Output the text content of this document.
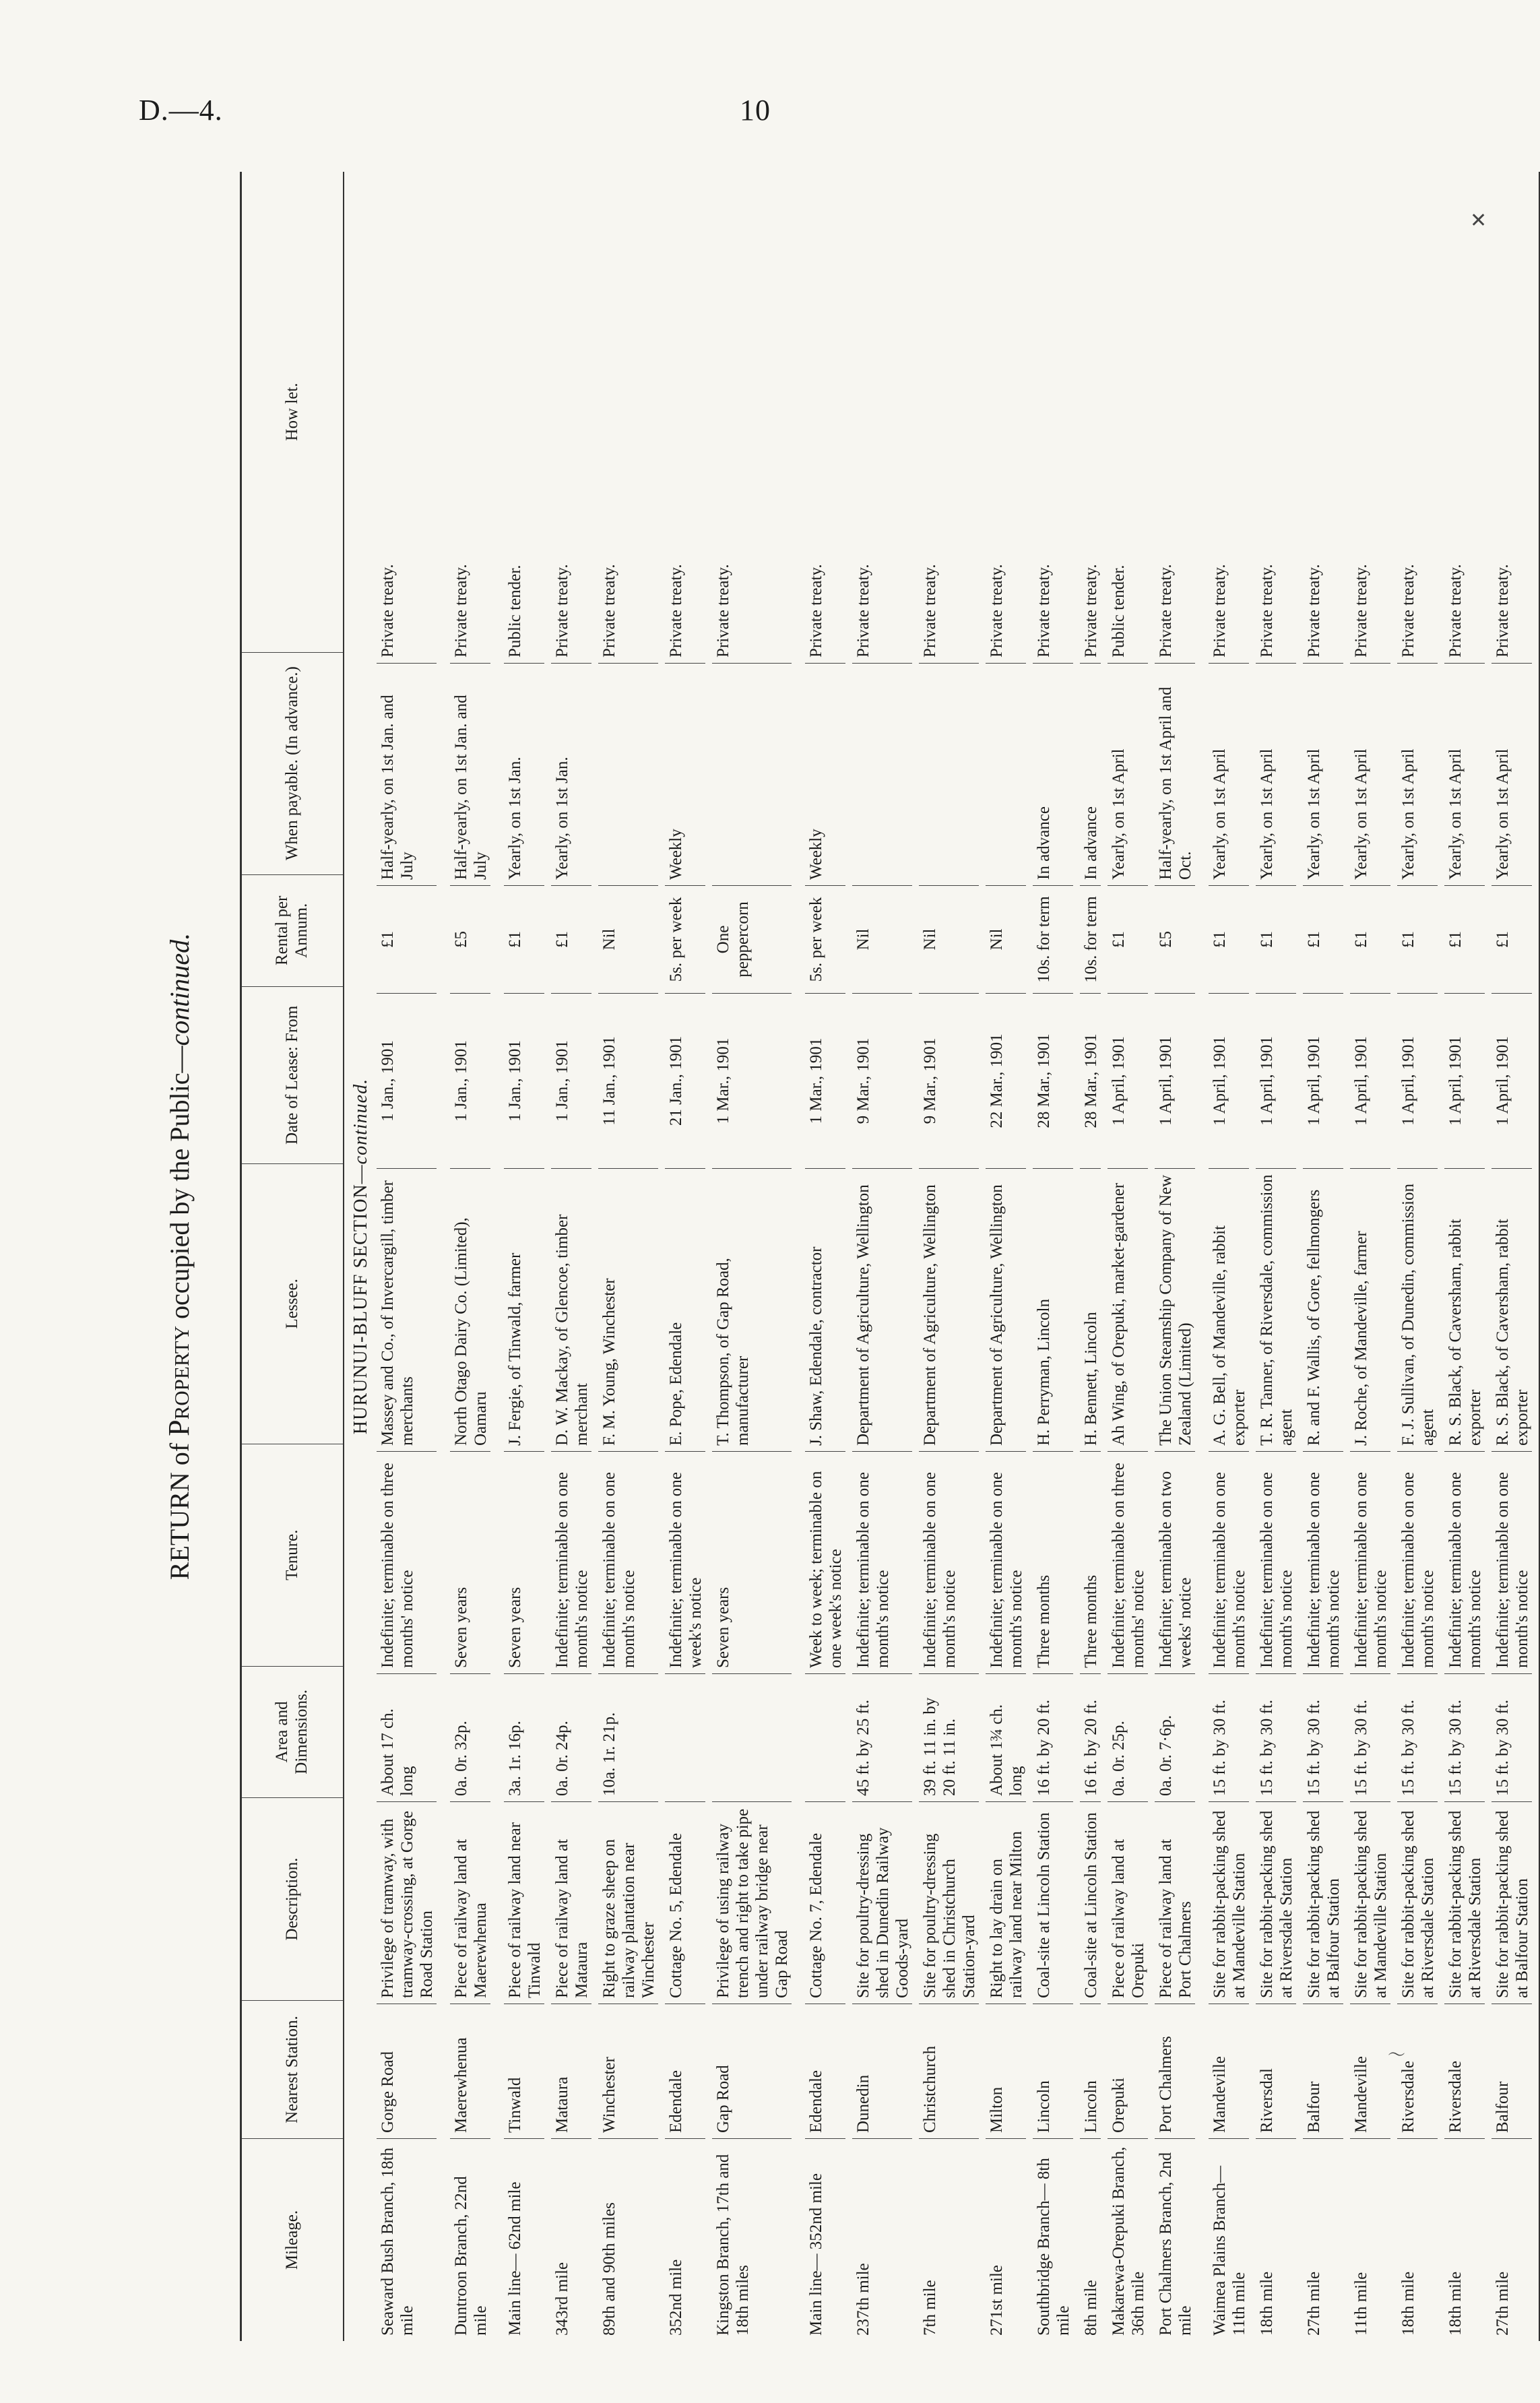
D.—4.	10
✕
〜
RETURN of Property occupied by the Public—continued.
Mileage.
Nearest Station.
Description.
Area and Dimensions.
Tenure.
Lessee.
Date of Lease: From
Rental per Annum.
When payable. (In advance.)
How let.
HURUNUI-BLUFF SECTION—continued.
Seaward Bush Branch, 18th mile
Gorge Road
Privilege of tramway, with tramway-crossing, at Gorge Road Station
About 17 ch. long
Indefinite; terminable on three months' notice
Massey and Co., of Invercargill, timber merchants
1 Jan., 1901
£1
Half-yearly, on 1st Jan. and July
Private treaty.
Duntroon Branch, 22nd mile
Maerewhenua
Piece of railway land at Maerewhenua
0a. 0r. 32p.
Seven years
North Otago Dairy Co. (Limited), Oamaru
1 Jan., 1901
£5
Half-yearly, on 1st Jan. and July
Private treaty.
Main line— 62nd mile
Tinwald
Piece of railway land near Tinwald
3a. 1r. 16p.
Seven years
J. Fergie, of Tinwald, farmer
1 Jan., 1901
£1
Yearly, on 1st Jan.
Public tender.
343rd mile
Mataura
Piece of railway land at Mataura
0a. 0r. 24p.
Indefinite; terminable on one month's notice
D. W. Mackay, of Glencoe, timber merchant
1 Jan., 1901
£1
Yearly, on 1st Jan.
Private treaty.
89th and 90th miles
Winchester
Right to graze sheep on railway plantation near Winchester
10a. 1r. 21p.
Indefinite; terminable on one month's notice
F. M. Young, Winchester
11 Jan., 1901
Nil
Private treaty.
352nd mile
Edendale
Cottage No. 5, Edendale
Indefinite; terminable on one week's notice
E. Pope, Edendale
21 Jan., 1901
5s. per week
Weekly
Private treaty.
Kingston Branch, 17th and 18th miles
Gap Road
Privilege of using railway trench and right to take pipe under railway bridge near Gap Road
Seven years
T. Thompson, of Gap Road, manufacturer
1 Mar., 1901
One peppercorn
Private treaty.
Main line— 352nd mile
Edendale
Cottage No. 7, Edendale
Week to week; terminable on one week's notice
J. Shaw, Edendale, contractor
1 Mar., 1901
5s. per week
Weekly
Private treaty.
237th mile
Dunedin
Site for poultry-dressing shed in Dunedin Railway Goods-yard
45 ft. by 25 ft.
Indefinite; terminable on one month's notice
Department of Agriculture, Wellington
9 Mar., 1901
Nil
Private treaty.
7th mile
Christchurch
Site for poultry-dressing shed in Christchurch Station-yard
39 ft. 11 in. by 20 ft. 11 in.
Indefinite; terminable on one month's notice
Department of Agriculture, Wellington
9 Mar., 1901
Nil
Private treaty.
271st mile
Milton
Right to lay drain on railway land near Milton
About 1¾ ch. long
Indefinite; terminable on one month's notice
Department of Agriculture, Wellington
22 Mar., 1901
Nil
Private treaty.
Southbridge Branch— 8th mile
Lincoln
Coal-site at Lincoln Station
16 ft. by 20 ft.
Three months
H. Perryman, Lincoln
28 Mar., 1901
10s. for term
In advance
Private treaty.
8th mile
Lincoln
Coal-site at Lincoln Station
16 ft. by 20 ft.
Three months
H. Bennett, Lincoln
28 Mar., 1901
10s. for term
In advance
Private treaty.
Makarewa-Orepuki Branch, 36th mile
Orepuki
Piece of railway land at Orepuki
0a. 0r. 25p.
Indefinite; terminable on three months' notice
Ah Wing, of Orepuki, market-gardener
1 April, 1901
£1
Yearly, on 1st April
Public tender.
Port Chalmers Branch, 2nd mile
Port Chalmers
Piece of railway land at Port Chalmers
0a. 0r. 7·6p.
Indefinite; terminable on two weeks' notice
The Union Steamship Company of New Zealand (Limited)
1 April, 1901
£5
Half-yearly, on 1st April and Oct.
Private treaty.
Waimea Plains Branch— 11th mile
Mandeville
Site for rabbit-packing shed at Mandeville Station
15 ft. by 30 ft.
Indefinite; terminable on one month's notice
A. G. Bell, of Mandeville, rabbit exporter
1 April, 1901
£1
Yearly, on 1st April
Private treaty.
18th mile
Riversdal
Site for rabbit-packing shed at Riversdale Station
15 ft. by 30 ft.
Indefinite; terminable on one month's notice
T. R. Tanner, of Riversdale, commission agent
1 April, 1901
£1
Yearly, on 1st April
Private treaty.
27th mile
Balfour
Site for rabbit-packing shed at Balfour Station
15 ft. by 30 ft.
Indefinite; terminable on one month's notice
R. and F. Wallis, of Gore, fellmongers
1 April, 1901
£1
Yearly, on 1st April
Private treaty.
11th mile
Mandeville
Site for rabbit-packing shed at Mandeville Station
15 ft. by 30 ft.
Indefinite; terminable on one month's notice
J. Roche, of Mandeville, farmer
1 April, 1901
£1
Yearly, on 1st April
Private treaty.
18th mile
Riversdale
Site for rabbit-packing shed at Riversdale Station
15 ft. by 30 ft.
Indefinite; terminable on one month's notice
F. J. Sullivan, of Dunedin, commission agent
1 April, 1901
£1
Yearly, on 1st April
Private treaty.
18th mile
Riversdale
Site for rabbit-packing shed at Riversdale Station
15 ft. by 30 ft.
Indefinite; terminable on one month's notice
R. S. Black, of Caversham, rabbit exporter
1 April, 1901
£1
Yearly, on 1st April
Private treaty.
27th mile
Balfour
Site for rabbit-packing shed at Balfour Station
15 ft. by 30 ft.
Indefinite; terminable on one month's notice
R. S. Black, of Caversham, rabbit exporter
1 April, 1901
£1
Yearly, on 1st April
Private treaty.
